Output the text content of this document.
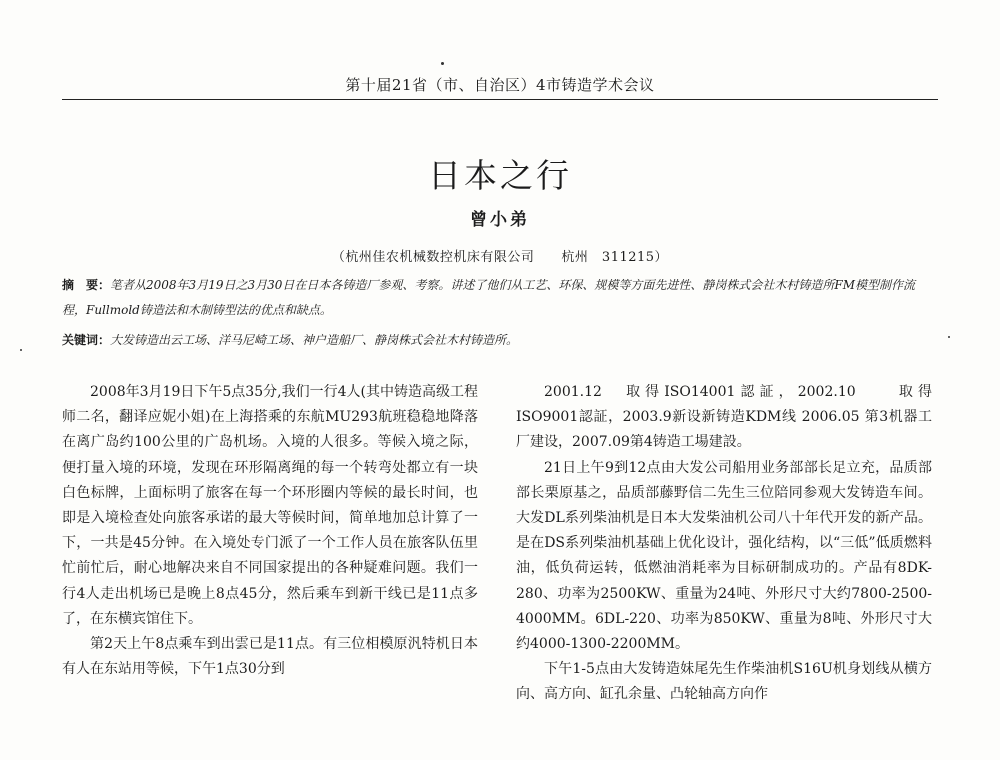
第十届21省（市、自治区）4市铸造学术会议
日本之行
曾小弟
（杭州佳农机械数控机床有限公司　　杭州　311215）
摘　要：笔者从2008年3月19日之3月30日在日本各铸造厂参观、考察。讲述了他们从工艺、环保、规模等方面先进性、静岗株式会社木村铸造所FM模型制作流程，Fullmold铸造法和木制铸型法的优点和缺点。
关键词：大发铸造出云工场、洋马尼崎工场、神户造船厂、静岗株式会社木村铸造所。

2008年3月19日下午5点35分,我们一行4人(其中铸造高级工程师二名，翻译应妮小姐)在上海搭乘的东航MU293航班稳稳地降落在离广岛约100公里的广岛机场。入境的人很多。等候入境之际，便打量入境的环境，发现在环形隔离绳的每一个转弯处都立有一块白色标牌，上面标明了旅客在每一个环形圈内等候的最长时间，也即是入境检查处向旅客承诺的最大等候时间，简单地加总计算了一下，一共是45分钟。在入境处专门派了一个工作人员在旅客队伍里忙前忙后，耐心地解决来自不同国家提出的各种疑难问题。我们一行4人走出机场已是晚上8点45分，然后乘车到新干线已是11点多了，在东横宾馆住下。

第2天上午8点乘车到出雲已是11点。有三位相模原汎特机日本有人在东站用等候，下午1点30分到

2001.12　取得ISO14001認証，2002.10　　取得ISO9001認証，2003.9新设新铸造KDM线 2006.05 第3机器工厂建设，2007.09第4铸造工場建設。

21日上午9到12点由大发公司船用业务部部长足立充，品质部部长栗原基之，品质部藤野信二先生三位陪同参观大发铸造车间。大发DL系列柴油机是日本大发柴油机公司八十年代开发的新产品。是在DS系列柴油机基础上优化设计，强化结构，以“三低”低质燃料油，低负荷运转，低燃油消耗率为目标研制成功的。产品有8DK-280、功率为2500KW、重量为24吨、外形尺寸大约7800-2500-4000MM。6DL-220、功率为850KW、重量为8吨、外形尺寸大约4000-1300-2200MM。

下午1-5点由大发铸造妹尾先生作柴油机S16U机身划线从横方向、高方向、缸孔余量、凸轮轴高方向作
